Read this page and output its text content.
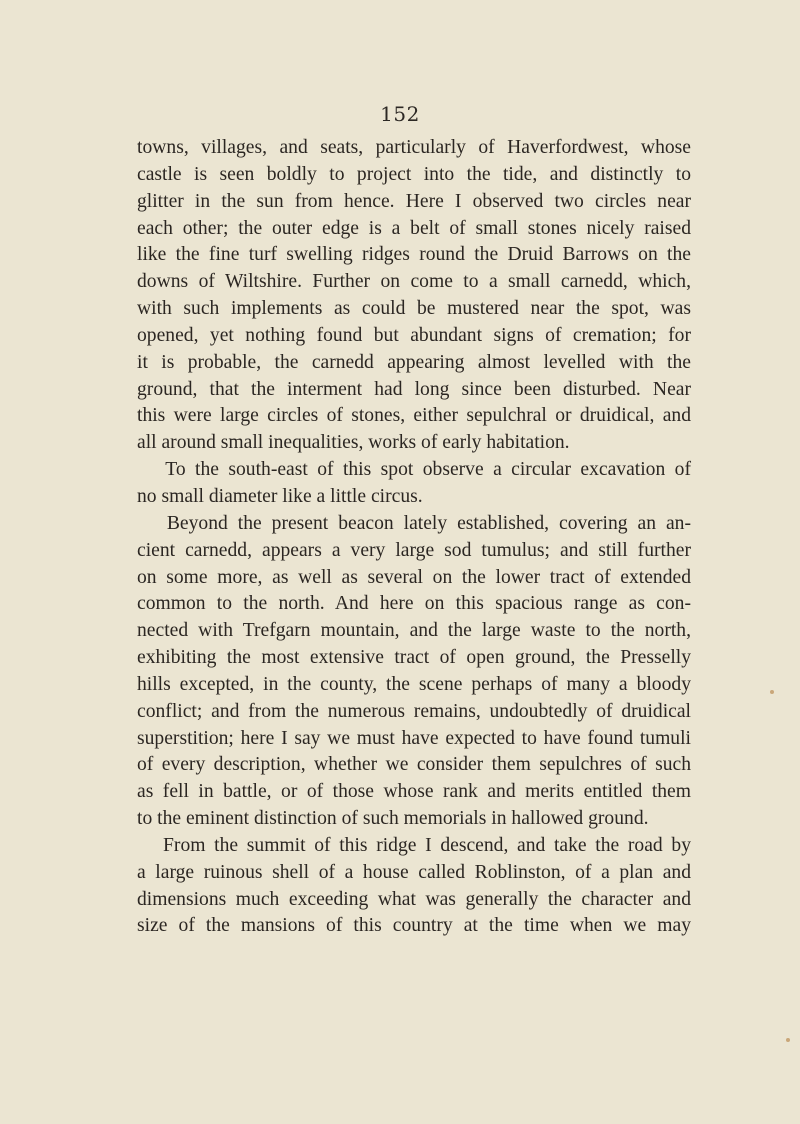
152
towns, villages, and seats, particularly of Haverfordwest, whose
castle is seen boldly to project into the tide, and distinctly to
glitter in the sun from hence. Here I observed two circles near
each other; the outer edge is a belt of small stones nicely raised
like the fine turf swelling ridges round the Druid Barrows on the
downs of Wiltshire. Further on come to a small carnedd, which,
with such implements as could be mustered near the spot, was
opened, yet nothing found but abundant signs of cremation; for
it is probable, the carnedd appearing almost levelled with the
ground, that the interment had long since been disturbed. Near
this were large circles of stones, either sepulchral or druidical, and
all around small inequalities, works of early habitation.
To the south-east of this spot observe a circular excavation of
no small diameter like a little circus.
Beyond the present beacon lately established, covering an an-
cient carnedd, appears a very large sod tumulus; and still further
on some more, as well as several on the lower tract of extended
common to the north. And here on this spacious range as con-
nected with Trefgarn mountain, and the large waste to the north,
exhibiting the most extensive tract of open ground, the Presselly
hills excepted, in the county, the scene perhaps of many a bloody
conflict; and from the numerous remains, undoubtedly of druidical
superstition; here I say we must have expected to have found tumuli
of every description, whether we consider them sepulchres of such
as fell in battle, or of those whose rank and merits entitled them
to the eminent distinction of such memorials in hallowed ground.
From the summit of this ridge I descend, and take the road by
a large ruinous shell of a house called Roblinston, of a plan and
dimensions much exceeding what was generally the character and
size of the mansions of this country at the time when we may
